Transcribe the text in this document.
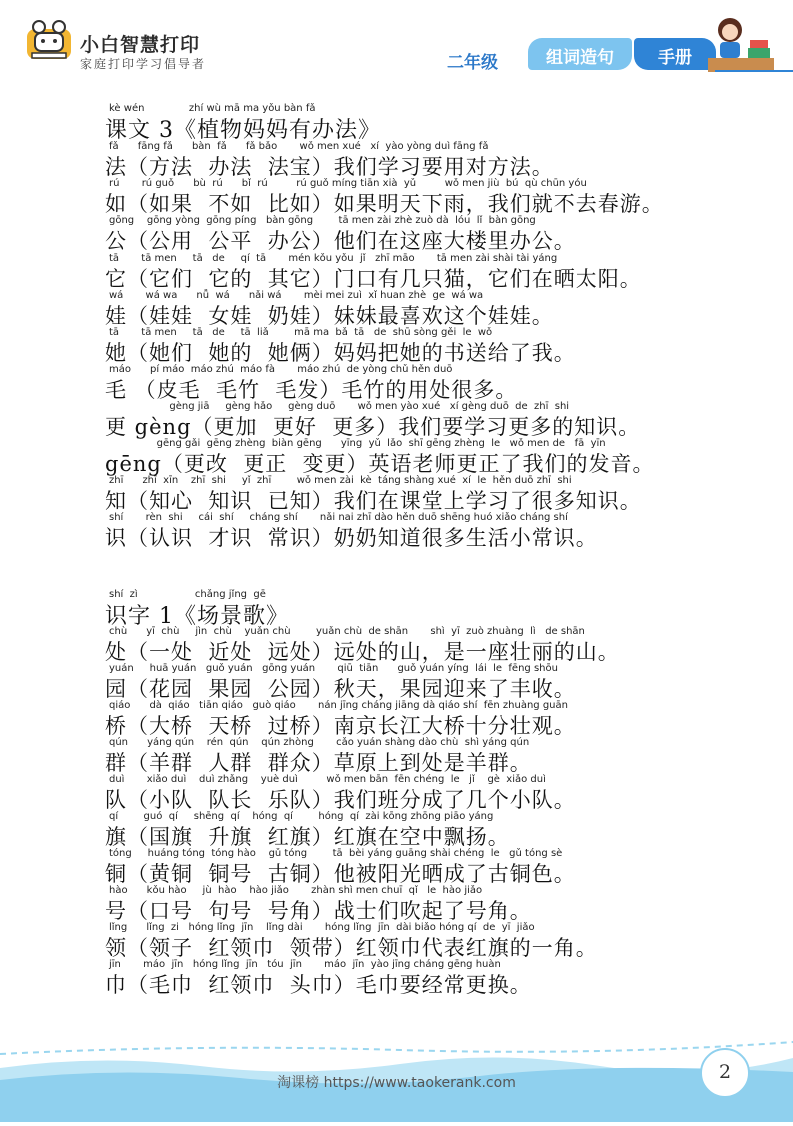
小白智慧打印
家庭打印学习倡导者	二年级	组词造句	手册
kè wén              zhí wù mā ma yǒu bàn fǎ
课文 3《植物妈妈有办法》
fǎ      fāng fǎ      bàn  fǎ      fǎ bǎo       wǒ men xué   xí  yào yòng duì fāng fǎ
法（方法  办法  法宝）我们学习要用对方法。
rú       rú guǒ      bù  rú      bǐ  rú         rú guǒ míng tiān xià  yǔ         wǒ men jiù  bú  qù chūn yóu
如（如果  不如  比如）如果明天下雨，我们就不去春游。
gōng    gōng yòng  gōng píng   bàn gōng        tā men zài zhè zuò dà  lóu  lǐ  bàn gōng
公（公用  公平  办公）他们在这座大楼里办公。
tā       tā men     tā   de     qí  tā       mén kǒu yǒu  jǐ   zhī māo       tā men zài shài tài yáng
它（它们  它的  其它）门口有几只猫，它们在晒太阳。
wá       wá wa      nǚ  wá      nǎi wá       mèi mei zuì  xǐ huan zhè  ge  wá wa
娃（娃娃  女娃  奶娃）妹妹最喜欢这个娃娃。
tā       tā men     tā   de     tā  liǎ        mā ma  bǎ  tā   de  shū sòng gěi  le  wǒ
她（她们  她的  她俩）妈妈把她的书送给了我。
máo      pí máo  máo zhú  máo fà       máo zhú  de yòng chǔ hěn duō
毛 （皮毛  毛竹  毛发）毛竹的用处很多。
gèng jiā     gèng hǎo     gèng duō       wǒ men yào xué   xí gèng duō  de  zhī  shi
更 gèng（更加  更好  更多）我们要学习更多的知识。
gēng gǎi  gēng zhèng  biàn gēng      yīng  yǔ  lǎo  shī gēng zhèng  le   wǒ men de   fā  yīn
gēng（更改  更正  变更）英语老师更正了我们的发音。
zhī      zhī  xīn    zhī  shi     yǐ  zhī        wǒ men zài  kè  táng shàng xué  xí  le  hěn duō zhī  shi
知（知心  知识  已知）我们在课堂上学习了很多知识。
shí       rèn  shi     cái  shí     cháng shí       nǎi nai zhī dào hěn duō shēng huó xiǎo cháng shí
识（认识  才识  常识）奶奶知道很多生活小常识。
shí  zì                  chǎng jǐng  gē
识字 1《场景歌》
chù      yī  chù     jìn  chù    yuǎn chù        yuǎn chù  de shān       shì  yī  zuò zhuàng  lì   de shān
处（一处  近处  远处）远处的山，是一座壮丽的山。
yuán     huā yuán   guǒ yuán   gōng yuán       qiū  tiān      guǒ yuán yíng  lái  le  fēng shōu
园（花园  果园  公园）秋天，果园迎来了丰收。
qiáo      dà  qiáo   tiān qiáo   guò qiáo       nán jīng cháng jiāng dà qiáo shí  fēn zhuàng guān
桥（大桥  天桥  过桥）南京长江大桥十分壮观。
qún      yáng qún    rén  qún    qún zhòng       cǎo yuán shàng dào chù  shì yáng qún
群（羊群  人群  群众）草原上到处是羊群。
duì       xiǎo duì    duì zhǎng    yuè duì         wǒ men bān  fēn chéng  le   jǐ    gè  xiǎo duì
队（小队  队长  乐队）我们班分成了几个小队。
qí        guó  qí     shēng  qí    hóng  qí        hóng  qí  zài kōng zhōng piāo yáng
旗（国旗  升旗  红旗）红旗在空中飘扬。
tóng     huáng tóng  tóng hào    gǔ tóng        tā  bèi yáng guāng shài chéng  le   gǔ tóng sè
铜（黄铜  铜号  古铜）他被阳光晒成了古铜色。
hào      kǒu hào     jù  hào    hào jiǎo       zhàn shì men chuī  qǐ   le  hào jiǎo
号（口号  句号  号角）战士们吹起了号角。
lǐng      lǐng  zi   hóng lǐng  jīn    lǐng dài       hóng lǐng  jīn  dài biǎo hóng qí  de  yī  jiǎo
领（领子  红领巾  领带）红领巾代表红旗的一角。
jīn       máo  jīn   hóng lǐng  jīn   tóu  jīn       máo  jīn  yào jīng cháng gēng huàn
巾（毛巾  红领巾  头巾）毛巾要经常更换。
淘课榜 https://www.taokerank.com	2
